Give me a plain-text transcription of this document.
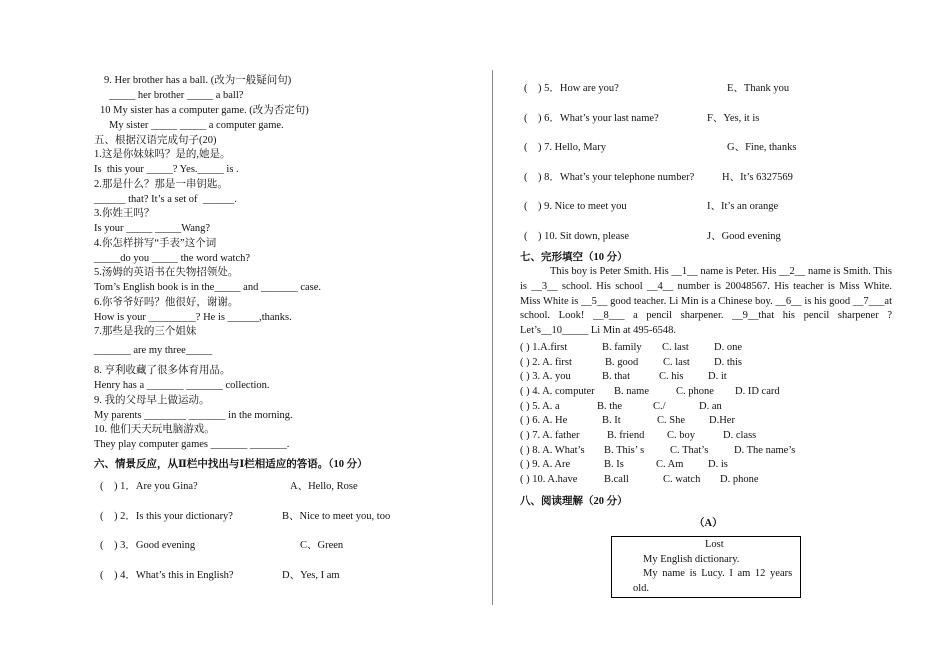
9. Her brother has a ball. (改为一般疑问句)
_____ her brother _____ a ball?
10 My sister has a computer game. (改为否定句)
My sister _____ _____ a computer game.
五、根据汉语完成句子(20)
1.这是你妹妹吗？是的,她是。
Is  this your _____? Yes._____ is .
2.那是什么？那是一串钥匙。
______ that? It’s a set of  ______.
3.你姓王吗？
Is your _____ _____Wang?
4.你怎样拼写“手表”这个词
_____do you _____ the word watch?
5.汤姆的英语书在失物招领处。
Tom’s English book is in the_____ and _______ case.
6.你爷爷好吗？他很好，谢谢。
How is your _________? He is ______,thanks.
7.那些是我的三个姐妹
_______ are my three_____
8. 亨利收藏了很多体育用品。
Henry has a _______ _______ collection.
9. 我的父母早上做运动。
My parents ________ _______ in the morning.
10. 他们天天玩电脑游戏。
They play computer games _______ _______.
六、情景反应，从Ⅱ栏中找出与Ⅰ栏相适应的答语。（10 分）
(    ) 1．Are you Gina?	A、Hello, Rose
(    ) 2．Is this your dictionary?	B、Nice to meet you, too
(    ) 3．Good evening	C、Green
(    ) 4．What’s this in English?	D、Yes, I am
(    ) 5．How are you?	E、Thank you
(    ) 6．What’s your last name?	F、Yes, it is
(    ) 7. Hello, Mary	G、Fine, thanks
(    ) 8．What’s your telephone number?	H、It’s 6327569
(    ) 9. Nice to meet you	I、It’s an orange
(    ) 10. Sit down, please	J、Good evening
七、完形填空（10 分）
This boy is Peter Smith. His __1__ name is Peter. His __2__ name is Smith. This is __3__ school. His school __4__ number is 20048567. His teacher is Miss White. Miss White is __5__ good teacher. Li Min is a Chinese boy. __6__ is his good __7___at school. Look! __8___ a pencil sharpener. __9__that his pencil sharpener ? Let’s__10_____ Li Min at 495-6548.
( ) 1.A.first	B. family C. last D. one
( ) 2. A. first	B. good C. last D. this
( ) 3. A. you	B. that	C. his D. it
( ) 4. A. computer B. name	C. phone D. ID card
( ) 5. A. a	B. the	C./	D. an
( ) 6. A. He	B. It	C. She D.Her
( ) 7. A. father	B. friend C. boy	D. class
( ) 8. A. What’s B. This’ s C. That’s D. The name’s
( ) 9. A. Are	B. Is	C. Am D. is
( ) 10. A.have	B.call	C. watch D. phone
八、阅读理解（20 分）
（A）
Lost
My English dictionary.
My name is Lucy. I am 12 years
old.
